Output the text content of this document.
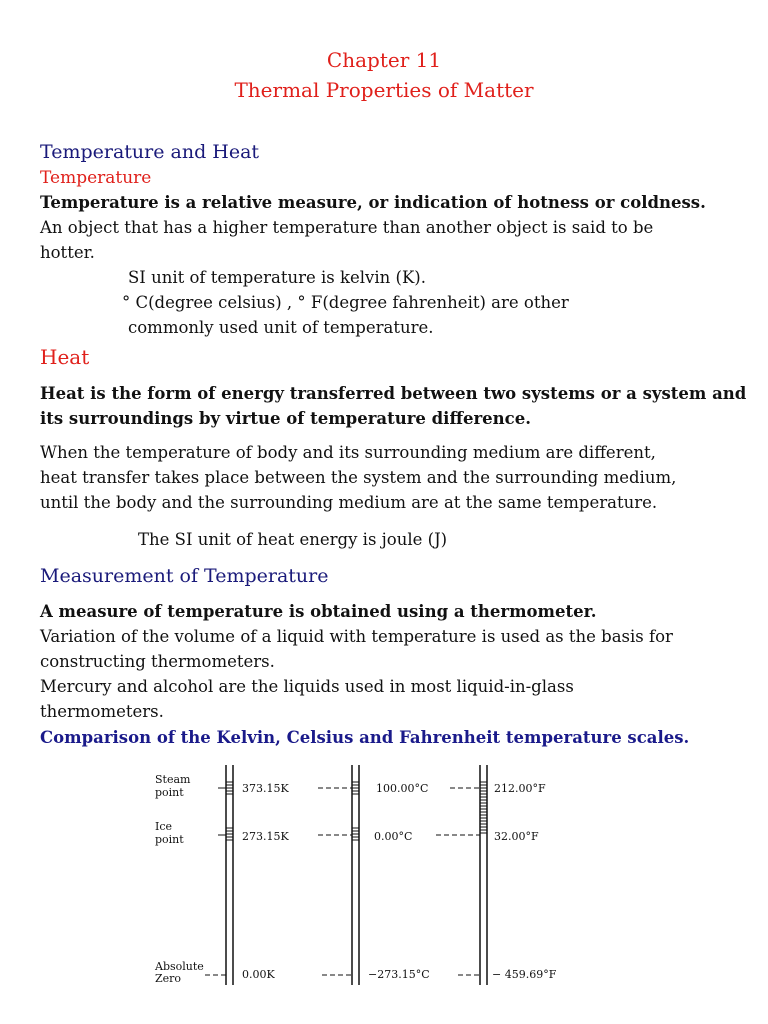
Chapter 11
Thermal Properties of Matter
Temperature and Heat
Temperature
Temperature is a relative measure, or indication of hotness or coldness.
An object that has a higher temperature than another object is said to be
hotter.
SI unit of temperature is kelvin (K).
° C(degree celsius) , ° F(degree fahrenheit) are other
commonly used unit of temperature.
Heat
Heat is the form of energy transferred between two systems or a system and
its surroundings by virtue of temperature difference.
When the temperature of body and its surrounding medium are different,
heat transfer takes place between the system and the surrounding medium,
until the body and the surrounding medium are at the same temperature.
The SI unit of heat energy is joule (J)
Measurement of Temperature
A measure of temperature is obtained using a thermometer.
Variation of the volume of a liquid with temperature is used as the basis for
constructing thermometers.
Mercury and alcohol are the liquids used in most liquid-in-glass
thermometers.
Comparison of the Kelvin, Celsius and Fahrenheit temperature scales.
Steam
point
Ice
point
Absolute
Zero
373.15K
273.15K
0.00K
100.00°C
0.00°C
−273.15°C
212.00°F
32.00°F
− 459.69°F
